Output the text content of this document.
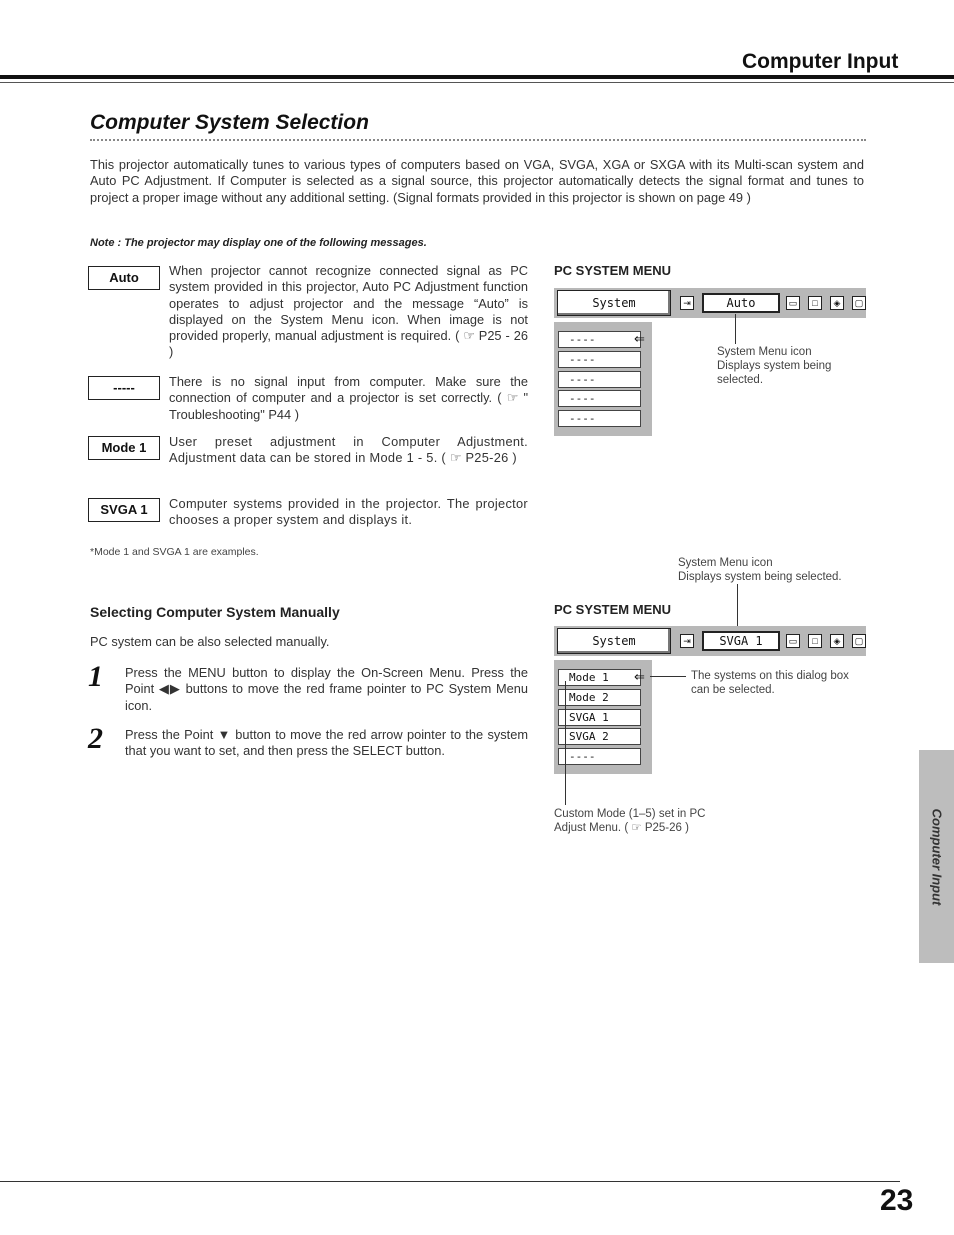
Computer Input
Computer System Selection
This projector automatically tunes to various types of computers based on VGA, SVGA, XGA or SXGA with its Multi-scan system and Auto PC Adjustment. If Computer is selected as a signal source, this projector automatically detects the signal format and tunes to project a proper image without any additional setting. (Signal formats provided in this projector is shown on page 49 )
Note : The projector may display one of the following messages.
Auto	When projector cannot recognize connected signal as PC system provided in this projector, Auto PC Adjustment function operates to adjust projector and the message “Auto” is displayed on the System Menu icon. When image is not provided properly, manual adjustment is required. ( ☞ P25 - 26 )
-----	There is no signal input from computer. Make sure the connection of computer and a projector is set correctly. ( ☞ " Troubleshooting" P44 )
Mode 1	User preset adjustment in Computer Adjustment. Adjustment data can be stored in Mode 1 - 5. ( ☞ P25-26 )
SVGA 1	Computer systems provided in the projector. The projector chooses a proper system and displays it.
*Mode 1 and SVGA 1 are examples.
Selecting Computer System Manually
PC system can be also selected manually.
1 Press the MENU button to display the On-Screen Menu. Press the Point ◀▶ buttons to move the red frame pointer to PC System Menu icon.
2 Press the Point ▼ button to move the red arrow pointer to the system that you want to set, and then press the SELECT button.
PC SYSTEM MENU
System	⇥	Auto	▭	□	◈	▢
----
----
----
----
----
⇐
System Menu icon
Displays system being selected.
System Menu icon
Displays system being selected.
PC SYSTEM MENU
System	⇥	SVGA 1	▭	□	◈	▢
Mode 1
Mode 2
SVGA 1
SVGA 2
----
⇐	The systems on this dialog box can be selected.
Custom Mode (1–5) set in PC Adjust Menu. ( ☞ P25-26 )	Computer Input
23
